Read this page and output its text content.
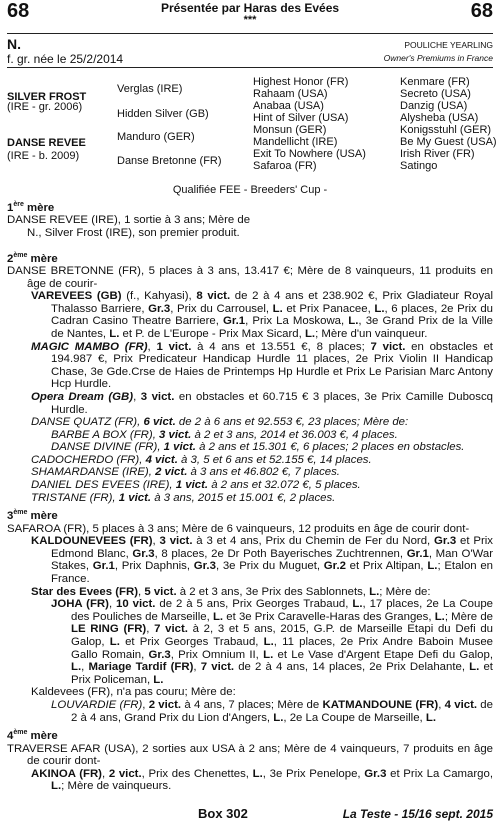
68	68
Présentée par Haras des Evées
***
N.
f. gr. née le 25/2/2014
POULICHE YEARLING
Owner's Premiums in France
SILVER FROST
(IRE - gr. 2006)
DANSE REVEE
(IRE - b. 2009)
Verglas (IRE)
Hidden Silver (GB)
Manduro (GER)
Danse Bretonne (FR)
Highest Honor (FR)
Rahaam (USA)
Anabaa (USA)
Hint of Silver (USA)
Monsun (GER)
Mandellicht (IRE)
Exit To Nowhere (USA)
Safaroa (FR)
Kenmare (FR)
Secreto (USA)
Danzig (USA)
Alysheba (USA)
Konigsstuhl (GER)
Be My Guest (USA)
Irish River (FR)
Satingo
Qualifiée FEE - Breeders' Cup -

1ère mère

DANSE REVEE (IRE), 1 sortie à 3 ans; Mère de

N., Silver Frost (IRE), son premier produit.

2ème mère

DANSE BRETONNE (FR), 5 places à 3 ans, 13.417 €; Mère de 8 vainqueurs, 11 produits en âge de courir-

VAREVEES (GB) (f., Kahyasi), 8 vict. de 2 à 4 ans et 238.902 €, Prix Gladiateur Royal Thalasso Barriere, Gr.3, Prix du Carrousel, L. et Prix Panacee, L., 6 places, 2e Prix du Cadran Casino Theatre Barriere, Gr.1, Prix La Moskowa, L., 3e Grand Prix de la Ville de Nantes, L. et P. de L'Europe - Prix Max Sicard, L.; Mère d'un vainqueur.

MAGIC MAMBO (FR), 1 vict. à 4 ans et 13.551 €, 8 places; 7 vict. en obstacles et 194.987 €, Prix Predicateur Handicap Hurdle 11 places, 2e Prix Violin II Handicap Chase, 3e Gde.Crse de Haies de Printemps Hp Hurdle et Prix Le Parisian Marc Antony Hcp Hurdle.

Opera Dream (GB), 3 vict. en obstacles et 60.715 € 3 places, 3e Prix Camille Duboscq Hurdle.

DANSE QUATZ (FR), 6 vict. de 2 à 6 ans et 92.553 €, 23 places; Mère de:

BARBE A BOX (FR), 3 vict. à 2 et 3 ans, 2014 et 36.003 €, 4 places.

DANSE DIVINE (FR), 1 vict. à 2 ans et 15.301 €, 6 places; 2 places en obstacles.

CADOCHERDO (FR), 4 vict. à 3, 5 et 6 ans et 52.155 €, 14 places.

SHAMARDANSE (IRE), 2 vict. à 3 ans et 46.802 €, 7 places.

DANIEL DES EVEES (IRE), 1 vict. à 2 ans et 32.072 €, 5 places.

TRISTANE (FR), 1 vict. à 3 ans, 2015 et 15.001 €, 2 places.

3ème mère

SAFAROA (FR), 5 places à 3 ans; Mère de 6 vainqueurs, 12 produits en âge de courir dont-

KALDOUNEVEES (FR), 3 vict. à 3 et 4 ans, Prix du Chemin de Fer du Nord, Gr.3 et Prix Edmond Blanc, Gr.3, 8 places, 2e Dr Poth Bayerisches Zuchtrennen, Gr.1, Man O'War Stakes, Gr.1, Prix Daphnis, Gr.3, 3e Prix du Muguet, Gr.2 et Prix Altipan, L.; Etalon en France.

Star des Evees (FR), 5 vict. à 2 et 3 ans, 3e Prix des Sablonnets, L.; Mère de:

JOHA (FR), 10 vict. de 2 à 5 ans, Prix Georges Trabaud, L., 17 places, 2e La Coupe des Pouliches de Marseille, L. et 3e Prix Caravelle-Haras des Granges, L.; Mère de LE RING (FR), 7 vict. à 2, 3 et 5 ans, 2015, G.P. de Marseille Etapi du Defi du Galop, L. et Prix Georges Trabaud, L., 11 places, 2e Prix Andre Baboin Musee Gallo Romain, Gr.3, Prix Omnium II, L. et Le Vase d'Argent Etape Defi du Galop, L., Mariage Tardif (FR), 7 vict. de 2 à 4 ans, 14 places, 2e Prix Delahante, L. et Prix Policeman, L.

Kaldevees (FR), n'a pas couru; Mère de:

LOUVARDIE (FR), 2 vict. à 4 ans, 7 places; Mère de KATMANDOUNE (FR), 4 vict. de 2 à 4 ans, Grand Prix du Lion d'Angers, L., 2e La Coupe de Marseille, L.

4ème mère

TRAVERSE AFAR (USA), 2 sorties aux USA à 2 ans; Mère de 4 vainqueurs, 7 produits en âge de courir dont-

AKINOA (FR), 2 vict., Prix des Chenettes, L., 3e Prix Penelope, Gr.3 et Prix La Camargo, L.; Mère de vainqueurs.

Box 302	La Teste - 15/16 sept. 2015
